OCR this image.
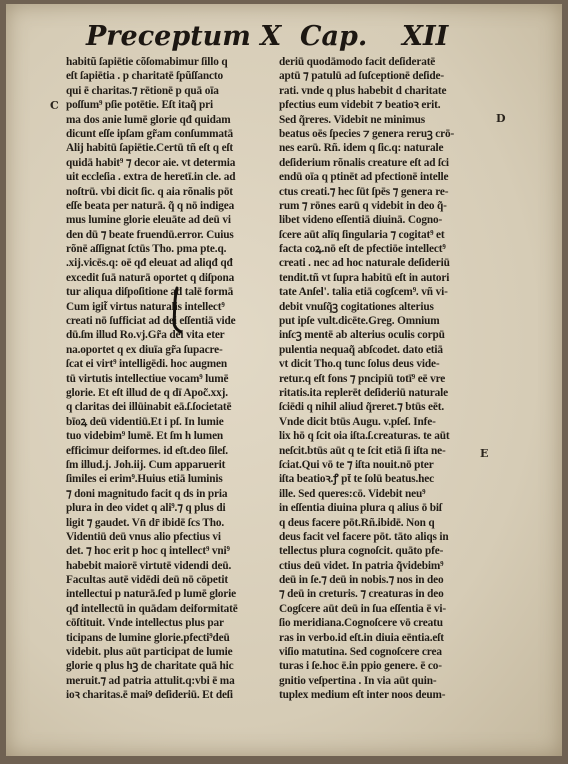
Preceptum X Cap. XII
habitũ ſapiētie cõſomabimur ſillo q
eſt ſapiētia . p charitatē ſpũſſancto
qui ē charitas.⁊ rētionē p quā oīa
poſſum⁹ pſie potētie. Eſt itaq̃ pri
ma dos anie lumē glorie qđ quidam
dicunt eſſe ipſam gr̃am conſummatā
Alij habitū ſapiētie.Certū tñ eſt q eſt
quidā habit⁹ ⁊ decor aie. vt determia
uit eccleſia . extra de heretī.in cle. ad
noſtrū. vbi dicit ſic. q aia rõnalis pōt
eſſe beata per naturā. q̃ q nō indigea
mus lumine glorie eleuāte ad deū vi
den dū ⁊ beate fruendū.error. Cuius
rõnē aſſignat ſctūs Tho. pma pte.q.
.xij.vicēs.q: oē qđ eleuat ad aliqđ qđ
excedit ſuā naturā oportet q diſpona
tur aliqua diſpoſitione ad talē formā
Cum igit̃ virtus naturalis intellect⁹
creati nō ſufficiat ad dei eſſentiā vide
dū.ſm illud Ro.vj.Gr̃a dei vita eter
na.oportet q ex diuīa gr̃a ſupacre-
ſcat ei virt⁹ intelligēdi. hoc augmen
tū virtutis intellectiue vocam⁹ lumē
glorie. Et eſt illud de q dī Apoc̃.xxj.
q claritas dei illūinabit eā.ſ.ſocietatē
bīoꝝ deū videntiū.Et i pſ. In lumie
tuo videbim⁹ lumē. Et ſm h lumen
efficimur deiformes. id eſt.deo ſileſ.
ſm illud.j. Joh.iij. Cum apparuerit
ſimiles ei erim⁹.Huius etiā luminis
⁊ doni magnitudo facit q ds in pria
plura in deo videt q ali⁹.⁊ q plus di
ligit ⁊ gaudet. Vn̄ dr̄ ibidē ſcs Tho.
Videntiū deū vnus alio pfectius vi
det. ⁊ hoc erit p hoc q intellect⁹ vni⁹
habebit maiorē virtutē videndi deū.
Facultas autē vidēdi deū nō cōpetit
intellectui p naturā.ſed p lumē glorie
qđ intellectū in quādam deiformitatē
cōſtituit. Vnde intellectus plus par
ticipans de lumine glorie.pfecti⁹deū
videbit. plus aūt participat de lumie
glorie q plus hꝫ de charitate quā hic
meruit.⁊ ad patria attulit.q:vbi ē ma
ioꝛ charitas.ē maiꝰ deſideriū. Et deſi
deriū quodāmodo facit deſideratē
aptū ⁊ patulū ad ſuſceptionē deſide-
rati. vnde q plus habebit d charitate
pfectius eum videbit ⁊ beatioꝛ erit.
Sed q̃reres. Videbit ne minimus
beatus oēs ſpecies ⁊ genera reruꝫ crō-
nes earū. Rñ. idem q ſic.q: naturale
deſiderium rõnalis creature eſt ad ſci
endū oīa q ptinēt ad pfectionē intelle
ctus creati.⁊ hec ſūt ſpēs ⁊ genera re-
rum ⁊ rōnes earū q videbit in deo q̃-
libet videno eſſentiā diuinā. Cogno-
ſcere aūt alīq ſingularia ⁊ cogitat⁹ et
facta coꝝ.nō eſt de pfectiōe intellect⁹
creati . nec ad hoc naturale deſideriū
tendit.tñ vt ſupra habitū eſt in autori
tate Anſel'. talia etiā cogſcem⁹. vñ vi-
debit vnuſq̃ꝫ cogitationes alterius
put ipſe vult.dicēte.Greg. Omnium
inſcꝫ mentē ab alterius oculis corpū
pulentia nequaq̃ abſcodet. dato etiā
vt dicit Tho.q tunc ſolus deus vide-
retur.q eſt fons ⁊ pncipiū totī⁹ eē vre
ritatis.ita replerēt deſideriū naturale
ſciēdi q nihil aliud q̃reret.⁊ btūs eēt.
Vnde dicit btūs Augu. v.pſeſ. Infe-
lix hō q ſcit oia iſta.ſ.creaturas. te aūt
neſcit.btūs aūt q te ſcit etiā ſi iſta ne-
ſciat.Qui vō te ⁊ iſta nouit.nō pter
iſta beatioꝛ.ꝭ pt̄ te ſolū beatus.hec
ille. Sed queres:cō. Videbit neu⁹
in eſſentia diuina plura q alius ō biſ
q deus facere pōt.Rñ.ibidē. Non q
deus facit vel facere pōt. tāto aliqs in
tellectus plura cognoſcit. quāto pfe-
ctius deū videt. In patria q̃videbim⁹
deū in ſe.⁊ deū in nobis.⁊ nos in deo
⁊ deū in creturis. ⁊ creaturas in deo
Cogſcere aūt deū in ſua eſſentia ē vi-
ſio meridiana.Cognoſcere vō creatu
ras in verbo.id eſt.in diuia eēntia.eſt
viſio matutina. Sed cognoſcere crea
turas i ſe.hoc ē.in ppio genere. ē co-
gnitio veſpertina . In via aūt quin-
tuplex medium eſt inter noos deum-
C
D
E
